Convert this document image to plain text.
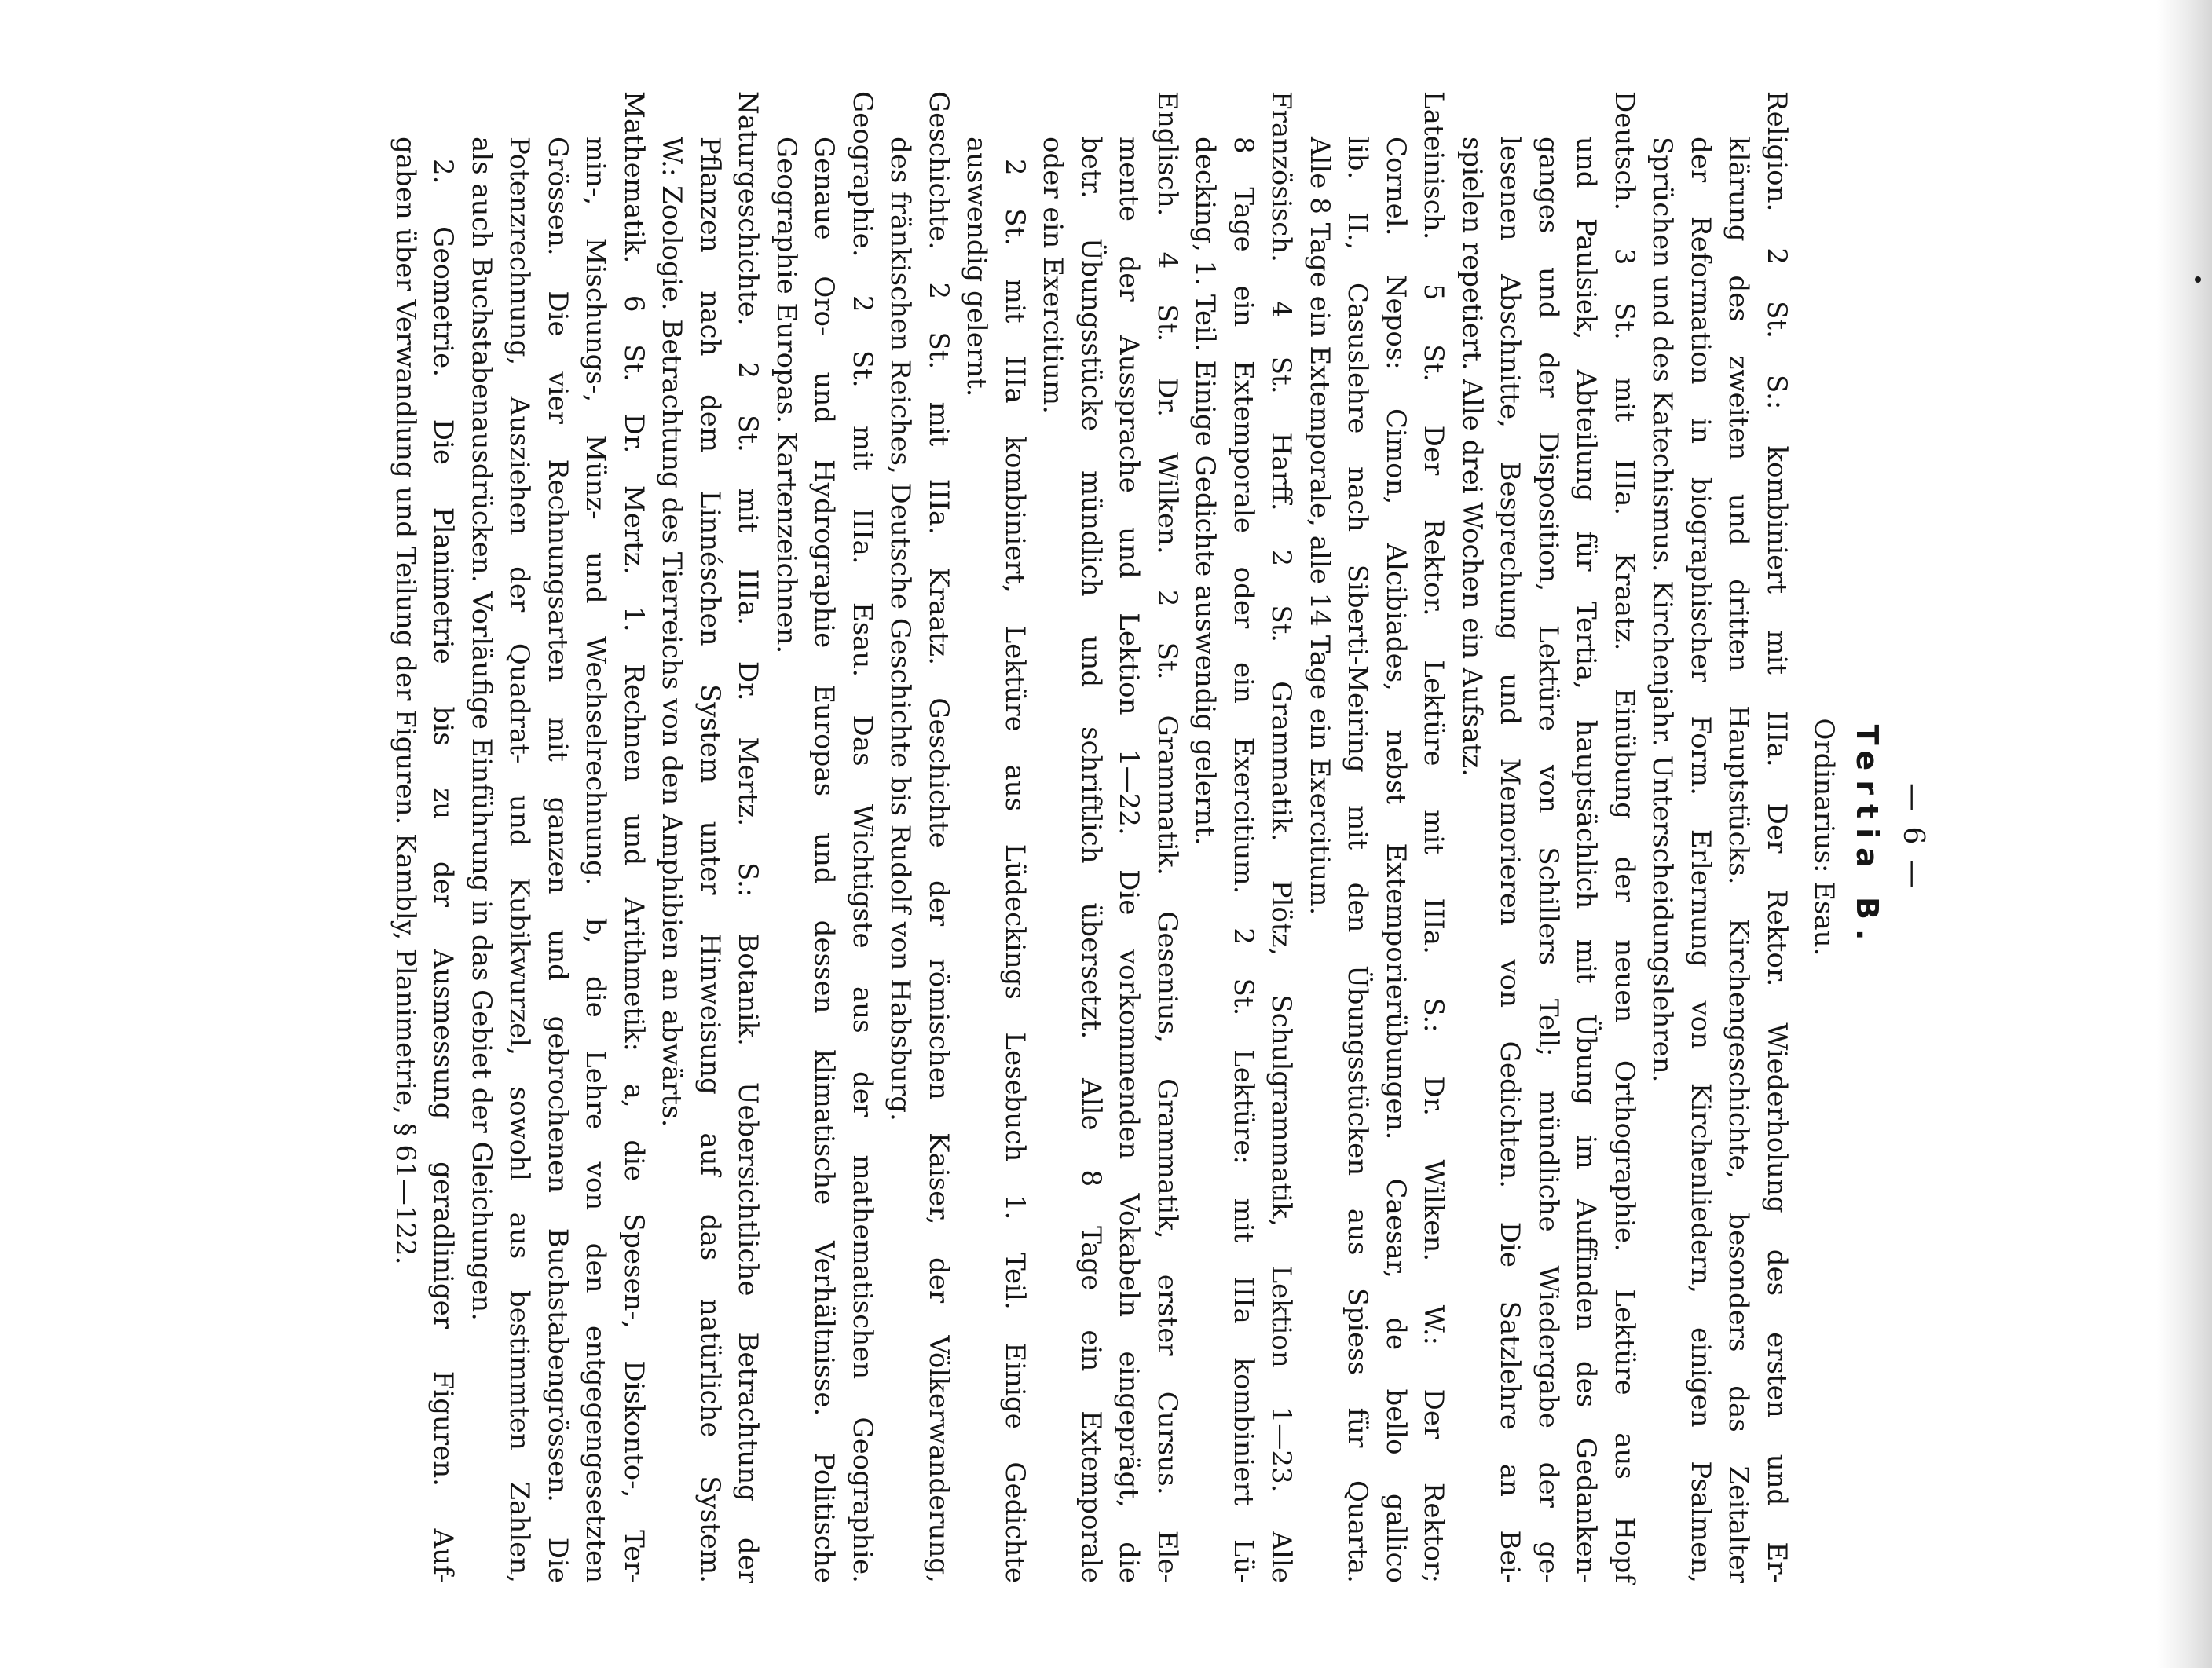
— 6 —

Tertia B.

Ordinarius: Esau.

Religion. 2 St. S.: kombiniert mit IIIa. Der Rektor. Wiederholung des ersten und Er-
klärung des zweiten und dritten Hauptstücks. Kirchengeschichte, besonders das Zeitalter
der Reformation in biographischer Form. Erlernung von Kirchenliedern, einigen Psalmen,
Sprüchen und des Katechismus. Kirchenjahr. Unterscheidungslehren.
Deutsch. 3 St. mit IIIa. Kraatz. Einübung der neuen Orthographie. Lektüre aus Hopf
und Paulsiek, Abteilung für Tertia, hauptsächlich mit Übung im Auffinden des Gedanken-
ganges und der Disposition, Lektüre von Schillers Tell; mündliche Wiedergabe der ge-
lesenen Abschnitte, Besprechung und Memorieren von Gedichten. Die Satzlehre an Bei-
spielen repetiert. Alle drei Wochen ein Aufsatz.
Lateinisch. 5 St. Der Rektor. Lektüre mit IIIa. S.: Dr. Wilken. W.: Der Rektor;
Cornel. Nepos: Cimon, Alcibiades, nebst Extemporierübungen. Caesar, de bello gallico
lib. II., Casuslehre nach Siberti-Meiring mit den Übungsstücken aus Spiess für Quarta.
Alle 8 Tage ein Extemporale, alle 14 Tage ein Exercitium.
Französisch. 4 St. Harff. 2 St. Grammatik. Plötz, Schulgrammatik, Lektion 1—23. Alle
8 Tage ein Extemporale oder ein Exercitium. 2 St. Lektüre: mit IIIa kombiniert Lü-
decking, 1. Teil. Einige Gedichte auswendig gelernt.
Englisch. 4 St. Dr. Wilken. 2 St. Grammatik. Gesenius, Grammatik, erster Cursus. Ele-
mente der Aussprache und Lektion 1—22. Die vorkommenden Vokabeln eingeprägt, die
betr. Übungsstücke mündlich und schriftlich übersetzt. Alle 8 Tage ein Extemporale
oder ein Exercitium.
2 St. mit IIIa kombiniert, Lektüre aus Lüdeckings Lesebuch 1. Teil. Einige Gedichte
auswendig gelernt.
Geschichte. 2 St. mit IIIa. Kraatz. Geschichte der römischen Kaiser, der Völkerwanderung,
des fränkischen Reiches, Deutsche Geschichte bis Rudolf von Habsburg.
Geographie. 2 St. mit IIIa. Esau. Das Wichtigste aus der mathematischen Geographie.
Genaue Oro- und Hydrographie Europas und dessen klimatische Verhältnisse. Politische
Geographie Europas. Kartenzeichnen.
Naturgeschichte. 2 St. mit IIIa. Dr. Mertz. S.: Botanik. Uebersichtliche Betrachtung der
Pflanzen nach dem Linnéschen System unter Hinweisung auf das natürliche System.
W.: Zoologie. Betrachtung des Tierreichs von den Amphibien an abwärts.
Mathematik. 6 St. Dr. Mertz. 1. Rechnen und Arithmetik: a, die Spesen-, Diskonto-, Ter-
min-, Mischungs-, Münz- und Wechselrechnung. b, die Lehre von den entgegengesetzten
Grössen. Die vier Rechnungsarten mit ganzen und gebrochenen Buchstabengrössen. Die
Potenzrechnung, Ausziehen der Quadrat- und Kubikwurzel, sowohl aus bestimmten Zahlen,
als auch Buchstabenausdrücken. Vorläufige Einführung in das Gebiet der Gleichungen.
2. Geometrie. Die Planimetrie bis zu der Ausmessung geradliniger Figuren. Auf-
gaben über Verwandlung und Teilung der Figuren. Kambly, Planimetrie, § 61—122.
